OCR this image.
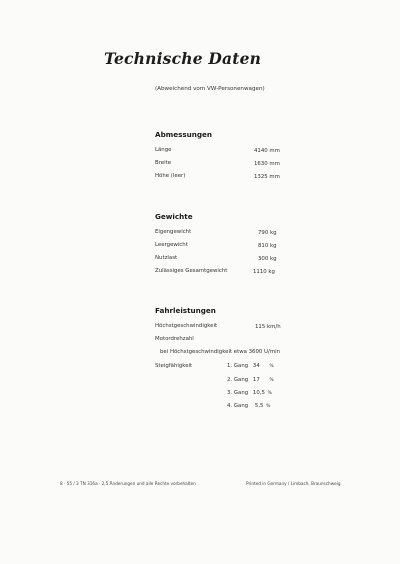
Technische Daten
(Abweichend vom VW-Personenwagen)
Abmessungen
Länge	4140 mm
Breite	1630 mm
Höhe (leer)	1325 mm
Gewichte
Eigengewicht	790 kg
Leergewicht	810 kg
Nutzlast	300 kg
Zulässiges Gesamtgewicht	1110 kg
Fahrleistungen
Höchstgeschwindigkeit	115 km/h
Motordrehzahl
bei Höchstgeschwindigkeit etwa 3600 U/min
Steigfähigkeit	1. Gang 34 %
2. Gang 17 %
3. Gang 10,5 %
4. Gang 5,5 %
8 · 55 / 3 TN 316a · 2,5 Änderungen und alle Rechte vorbehalten	Printed in Germany / Limbach, Braunschweig
